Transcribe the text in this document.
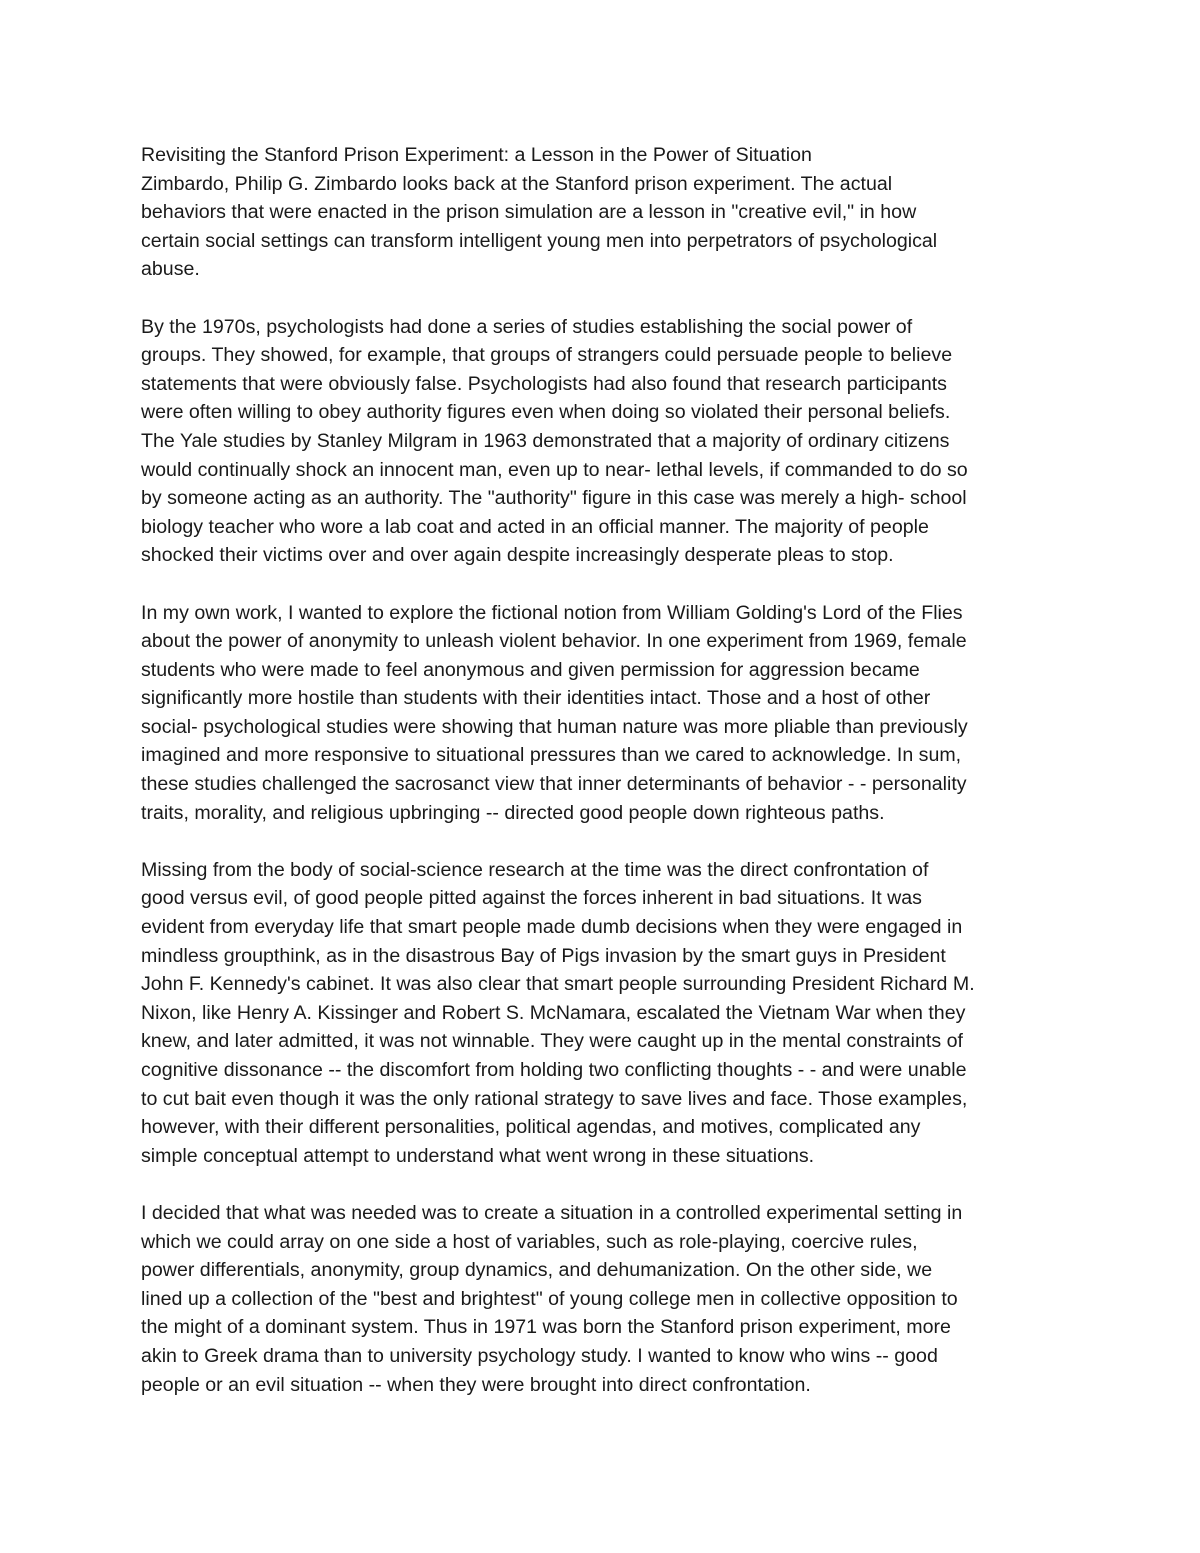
Revisiting the Stanford Prison Experiment: a Lesson in the Power of Situation
Zimbardo, Philip G. Zimbardo looks back at the Stanford prison experiment. The actual
behaviors that were enacted in the prison simulation are a lesson in "creative evil," in how
certain social settings can transform intelligent young men into perpetrators of psychological
abuse.

By the 1970s, psychologists had done a series of studies establishing the social power of
groups. They showed, for example, that groups of strangers could persuade people to believe
statements that were obviously false. Psychologists had also found that research participants
were often willing to obey authority figures even when doing so violated their personal beliefs.
The Yale studies by Stanley Milgram in 1963 demonstrated that a majority of ordinary citizens
would continually shock an innocent man, even up to near- lethal levels, if commanded to do so
by someone acting as an authority. The "authority" figure in this case was merely a high- school
biology teacher who wore a lab coat and acted in an official manner. The majority of people
shocked their victims over and over again despite increasingly desperate pleas to stop.

In my own work, I wanted to explore the fictional notion from William Golding's Lord of the Flies
about the power of anonymity to unleash violent behavior. In one experiment from 1969, female
students who were made to feel anonymous and given permission for aggression became
significantly more hostile than students with their identities intact. Those and a host of other
social- psychological studies were showing that human nature was more pliable than previously
imagined and more responsive to situational pressures than we cared to acknowledge. In sum,
these studies challenged the sacrosanct view that inner determinants of behavior - - personality
traits, morality, and religious upbringing -- directed good people down righteous paths.

Missing from the body of social-science research at the time was the direct confrontation of
good versus evil, of good people pitted against the forces inherent in bad situations. It was
evident from everyday life that smart people made dumb decisions when they were engaged in
mindless groupthink, as in the disastrous Bay of Pigs invasion by the smart guys in President
John F. Kennedy's cabinet. It was also clear that smart people surrounding President Richard M.
Nixon, like Henry A. Kissinger and Robert S. McNamara, escalated the Vietnam War when they
knew, and later admitted, it was not winnable. They were caught up in the mental constraints of
cognitive dissonance -- the discomfort from holding two conflicting thoughts - - and were unable
to cut bait even though it was the only rational strategy to save lives and face. Those examples,
however, with their different personalities, political agendas, and motives, complicated any
simple conceptual attempt to understand what went wrong in these situations.

I decided that what was needed was to create a situation in a controlled experimental setting in
which we could array on one side a host of variables, such as role-playing, coercive rules,
power differentials, anonymity, group dynamics, and dehumanization. On the other side, we
lined up a collection of the "best and brightest" of young college men in collective opposition to
the might of a dominant system. Thus in 1971 was born the Stanford prison experiment, more
akin to Greek drama than to university psychology study. I wanted to know who wins -- good
people or an evil situation -- when they were brought into direct confrontation.
